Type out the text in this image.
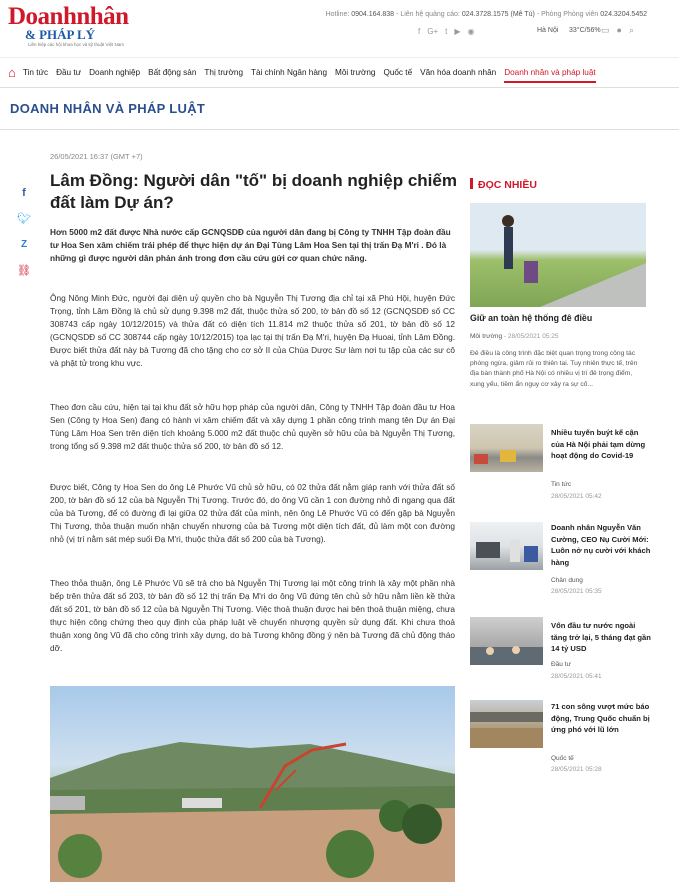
Doanhnhân
& PHÁP LÝ
Liên hiệp các hội khoa học và kỹ thuật Việt Nam
Hotline: 0904.164.838 - Liên hệ quảng cáo: 024.3728.1575 (Mê Tú) - Phòng Phòng viên 024.3204.5452
f G+ t ▶ ◉	Hà Nội 33°C/56% ▭ ● ⌕
⌂ Tin tức Đầu tư Doanh nghiệp Bất động sản Thị trường Tài chính Ngân hàng Môi trường Quốc tế Văn hóa doanh nhân Doanh nhân và pháp luật
DOANH NHÂN VÀ PHÁP LUẬT
26/05/2021 16:37 (GMT +7)
f
🐦︎
Z
⛓︎
Lâm Đồng: Người dân "tố" bị doanh nghiệp chiếm đất làm Dự án?

Hơn 5000 m2 đất được Nhà nước cấp GCNQSDĐ của người dân đang bị Công ty TNHH Tập đoàn đầu tư Hoa Sen xâm chiếm trái phép để thực hiện dự án Đại Tùng Lâm Hoa Sen tại thị trấn Đạ M'ri . Đó là những gì được người dân phản ánh trong đơn cầu cứu gửi cơ quan chức năng.

Ông Nông Minh Đức, người đại diện uỷ quyền cho bà Nguyễn Thị Tương địa chỉ tại xã Phú Hội, huyện Đức Trọng, tỉnh Lâm Đồng là chủ sử dụng 9.398 m2 đất, thuộc thửa số 200, tờ bản đồ số 12 (GCNQSDĐ số CC 308743 cấp ngày 10/12/2015) và thửa đất có diện tích 11.814 m2 thuộc thửa số 201, tờ bản đồ số 12 (GCNQSDĐ số CC 308744 cấp ngày 10/12/2015) tọa lạc tại thị trấn Đạ M'ri, huyện Đạ Huoai, tỉnh Lâm Đồng. Được biết thửa đất này bà Tương đã cho tặng cho cơ sở II của Chùa Dược Sư làm nơi tu tập của các sư cô và phật tử trong khu vực.

Theo đơn cầu cứu, hiện tại tại khu đất sở hữu hợp pháp của người dân, Công ty TNHH Tập đoàn đầu tư Hoa Sen (Công ty Hoa Sen) đang có hành vi xâm chiếm đất và xây dựng 1 phần công trình mang tên Dự án Đại Tùng Lâm Hoa Sen trên diện tích khoảng 5.000 m2 đất thuộc chủ quyền sở hữu của bà Nguyễn Thị Tương, trong tổng số 9.398 m2 đất thuộc thửa số 200, tờ bản đồ số 12.

Được biết, Công ty Hoa Sen do ông Lê Phước Vũ chủ sở hữu, có 02 thửa đất nằm giáp ranh với thửa đất số 200, tờ bản đồ số 12 của bà Nguyễn Thị Tương. Trước đó, do ông Vũ cần 1 con đường nhỏ đi ngang qua đất của bà Tương, để có đường đi lại giữa 02 thửa đất của mình, nên ông Lê Phước Vũ có đến gặp bà Nguyễn Thị Tương, thỏa thuận muốn nhận chuyển nhượng của bà Tương một diện tích đất, đủ làm một con đường nhỏ (vị trí nằm sát mép suối Đạ M'ri, thuộc thửa đất số 200 của bà Tương).

Theo thỏa thuận, ông Lê Phước Vũ sẽ trả cho bà Nguyễn Thị Tương lại một công trình là xây một phần nhà bếp trên thửa đất số 203, tờ bản đồ số 12 thị trấn Đạ M'ri do ông Vũ đứng tên chủ sở hữu nằm liền kề thửa đất số 201, tờ bản đồ số 12 của bà Nguyễn Thị Tương. Việc thoả thuận được hai bên thoả thuận miệng, chưa thực hiện công chứng theo quy định của pháp luật về chuyển nhượng quyền sử dụng đất. Khi chưa thoả thuận xong ông Vũ đã cho công trình xây dựng, do bà Tương không đồng ý nên bà Tương đã chủ động tháo dỡ.

ĐỌC NHIỀU
Giữ an toàn hệ thống đê điều
Môi trường - 28/05/2021 05:25

Đê điều là công trình đặc biệt quan trọng trong công tác phòng ngừa, giảm rủi ro thiên tai. Tuy nhiên thực tế, trên địa bàn thành phố Hà Nội có nhiều vị trí đê trọng điểm, xung yếu, tiềm ẩn nguy cơ xảy ra sự cố...

Nhiều tuyến buýt kế cận của Hà Nội phải tạm dừng hoạt động do Covid-19
Tin tức
28/05/2021 05:42
Doanh nhân Nguyễn Văn Cường, CEO Nụ Cười Mới: Luôn nở nụ cười với khách hàng
Chân dung
28/05/2021 05:35
Vốn đầu tư nước ngoài tăng trở lại, 5 tháng đạt gần 14 tỷ USD
Đầu tư
28/05/2021 05:41
71 con sông vượt mức báo động, Trung Quốc chuẩn bị ứng phó với lũ lớn
Quốc tế
28/05/2021 05:28
